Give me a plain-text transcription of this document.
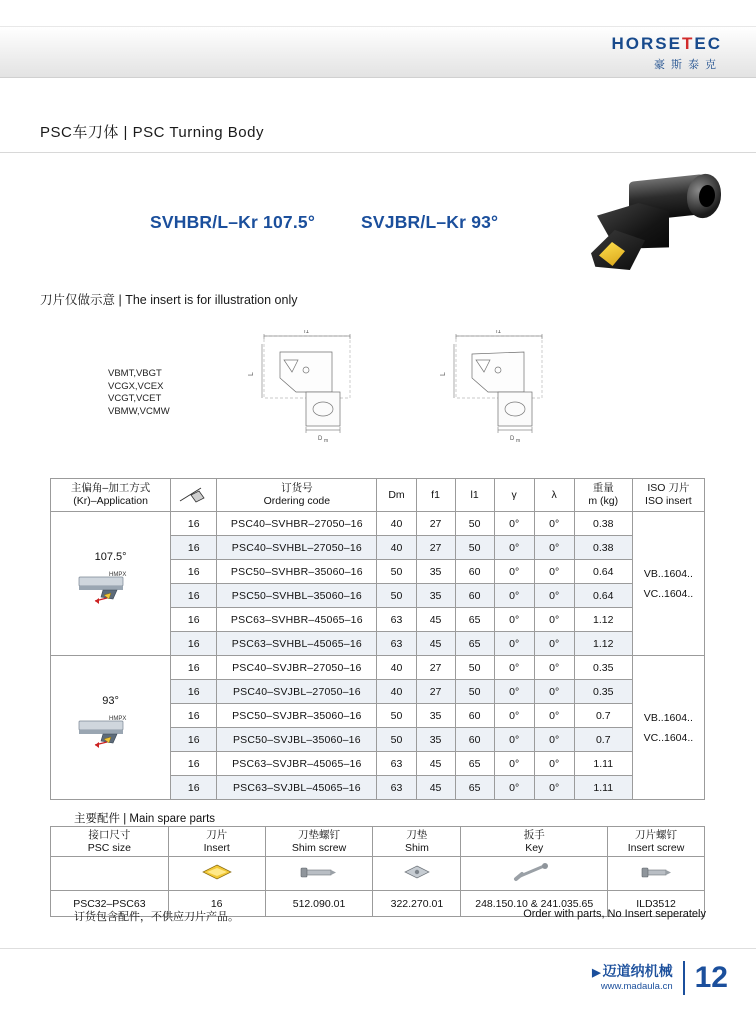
HORSETEC
豪斯泰克
PSC车刀体 | PSC Turning Body
SVHBR/L–Kr 107.5°	SVJBR/L–Kr 93°
刀片仅做示意 | The insert is for illustration only
VBMT,VBGT
VCGX,VCEX
VCGT,VCET
VBMW,VCMW
L
f1
D m
L
f1
D m
主偏角–加工方式
(Kr)–Application

订货号
Ordering code
	Dm	f1	l1	γ	λ	
重量
m (kg)

ISO 刀片
ISO insert

107.5°
HMPX
	16	PSC40–SVHBR–27050–16	40	27	50	0°	0°	0.38	
VB..1604..
VC..1604..

	16	PSC40–SVHBL–27050–16	40	27	50	0°	0°	0.38	
	16	PSC50–SVHBR–35060–16	50	35	60	0°	0°	0.64	
	16	PSC50–SVHBL–35060–16	50	35	60	0°	0°	0.64	
	16	PSC63–SVHBR–45065–16	63	45	65	0°	0°	1.12	
	16	PSC63–SVHBL–45065–16	63	45	65	0°	0°	1.12	

93°
HMPX
	16	PSC40–SVJBR–27050–16	40	27	50	0°	0°	0.35	
VB..1604..
VC..1604..

	16	PSC40–SVJBL–27050–16	40	27	50	0°	0°	0.35	
	16	PSC50–SVJBR–35060–16	50	35	60	0°	0°	0.7	
	16	PSC50–SVJBL–35060–16	50	35	60	0°	0°	0.7	
	16	PSC63–SVJBR–45065–16	63	45	65	0°	0°	1.11	
	16	PSC63–SVJBL–45065–16	63	45	65	0°	0°	1.11	
主要配件 | Main spare parts
接口尺寸
PSC size

刀片
Insert

刀垫螺钉
Shim screw

刀垫
Shim

扳手
Key

刀片螺钉
Insert screw

PSC32–PSC63	16	512.090.01	322.270.01	248.150.10 & 241.035.65	ILD3512
订货包含配件，不供应刀片产品。	Order with parts, No Insert seperately
▶ 迈道纳机械
www.madaula.cn 12
